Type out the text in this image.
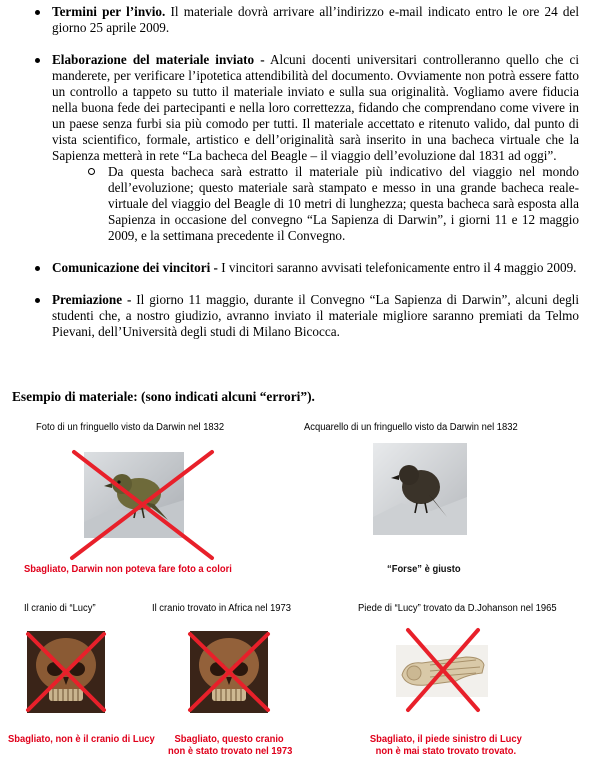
Termini per l’invio. Il materiale dovrà arrivare all’indirizzo e-mail indicato entro le ore 24 del giorno 25 aprile 2009.

Elaborazione del materiale inviato - Alcuni docenti universitari controlleranno quello che ci manderete, per verificare l’ipotetica attendibilità del documento. Ovviamente non potrà essere fatto un controllo a tappeto su tutto il materiale inviato e sulla sua originalità. Vogliamo avere fiducia nella buona fede dei partecipanti e nella loro correttezza, fidando che comprendano come vivere in un paese senza furbi sia più comodo per tutti. Il materiale accettato e ritenuto valido, dal punto di vista scientifico, formale, artistico e dell’originalità sarà inserito in una bacheca virtuale che la Sapienza metterà in rete “La bacheca del Beagle – il viaggio dell’evoluzione dal 1831 ad oggi”.

Da questa bacheca sarà estratto il materiale più indicativo del viaggio nel mondo dell’evoluzione; questo materiale sarà stampato e messo in una grande bacheca reale-virtuale del viaggio del Beagle di 10 metri di lunghezza; questa bacheca sarà esposta alla Sapienza in occasione del convegno “La Sapienza di Darwin”, i giorni 11 e 12 maggio 2009, e la settimana precedente il Convegno.

Comunicazione dei vincitori - I vincitori saranno avvisati telefonicamente entro il 4 maggio 2009.

Premiazione - Il giorno 11 maggio, durante il Convegno “La Sapienza di Darwin”, alcuni degli studenti che, a nostro giudizio, avranno inviato il materiale migliore saranno premiati da Telmo Pievani, dell’Università degli studi di Milano Bicocca.

Esempio di materiale: (sono indicati alcuni “errori”).

Foto di un fringuello visto da Darwin nel 1832	Acquarello di un fringuello visto da Darwin nel 1832

Sbagliato, Darwin non poteva fare foto a colori	“Forse” è giusto

Il cranio di “Lucy”	Il cranio trovato in Africa nel 1973	Piede di “Lucy” trovato da D.Johanson nel 1965

Sbagliato, non è il cranio di Lucy	Sbagliato, questo cranio
non è stato trovato nel 1973
Sbagliato, il piede sinistro di Lucy
non è mai stato trovato trovato.
